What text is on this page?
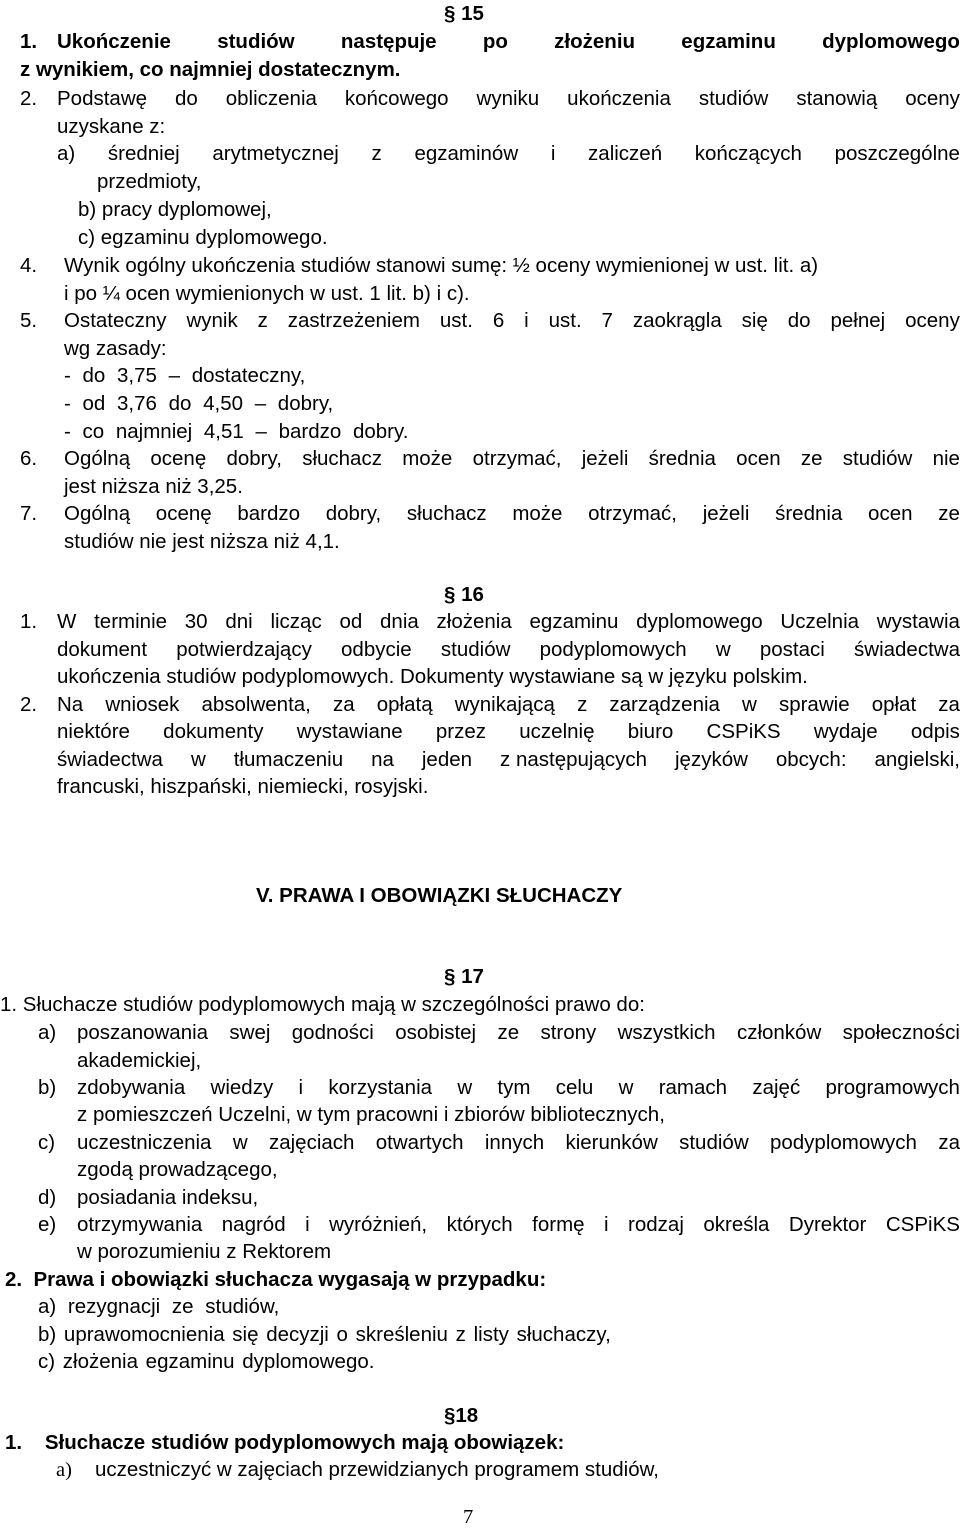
§ 15
1. Ukończenie studiów następuje po złożeniu egzaminu dyplomowego
z wynikiem, co najmniej dostatecznym.
2. Podstawę do obliczenia końcowego wyniku ukończenia studiów stanowią oceny
uzyskane z:
a) średniej arytmetycznej z egzaminów i zaliczeń kończących poszczególne
przedmioty,
b) pracy dyplomowej,
c) egzaminu dyplomowego.
4. Wynik ogólny ukończenia studiów stanowi sumę: ½ oceny wymienionej w ust. lit. a)
i po ¼ ocen wymienionych w ust. 1 lit. b) i c).
5. Ostateczny wynik z zastrzeżeniem ust. 6 i ust. 7 zaokrągla się do pełnej oceny
wg zasady:
- do 3,75 – dostateczny,
- od 3,76 do 4,50 – dobry,
- co najmniej 4,51 – bardzo dobry.
6. Ogólną ocenę dobry, słuchacz może otrzymać, jeżeli średnia ocen ze studiów nie
jest niższa niż 3,25.
7. Ogólną ocenę bardzo dobry, słuchacz może otrzymać, jeżeli średnia ocen ze
studiów nie jest niższa niż 4,1.
§ 16
1. W terminie 30 dni licząc od dnia złożenia egzaminu dyplomowego Uczelnia wystawia
dokument potwierdzający odbycie studiów podyplomowych w postaci świadectwa
ukończenia studiów podyplomowych. Dokumenty wystawiane są w języku polskim.
2. Na wniosek absolwenta, za opłatą wynikającą z zarządzenia w sprawie opłat za
niektóre dokumenty wystawiane przez uczelnię biuro CSPiKS wydaje odpis
świadectwa w tłumaczeniu na jeden z następujących języków obcych: angielski,
francuski, hiszpański, niemiecki, rosyjski.
V. PRAWA I OBOWIĄZKI SŁUCHACZY
§ 17
1. Słuchacze studiów podyplomowych mają w szczególności prawo do:
a) poszanowania swej godności osobistej ze strony wszystkich członków społeczności
akademickiej,
b) zdobywania wiedzy i korzystania w tym celu w ramach zajęć programowych
z pomieszczeń Uczelni, w tym pracowni i zbiorów bibliotecznych,
c) uczestniczenia w zajęciach otwartych innych kierunków studiów podyplomowych za
zgodą prowadzącego,
d) posiadania indeksu,
e) otrzymywania nagród i wyróżnień, których formę i rodzaj określa Dyrektor CSPiKS
w porozumieniu z Rektorem
2.  Prawa i obowiązki słuchacza wygasają w przypadku:
a) rezygnacji ze studiów,
b) uprawomocnienia się decyzji o skreśleniu z listy słuchaczy,
c) złożenia egzaminu dyplomowego.
§18
1.    Słuchacze studiów podyplomowych mają obowiązek:
a) uczestniczyć w zajęciach przewidzianych programem studiów,
7
